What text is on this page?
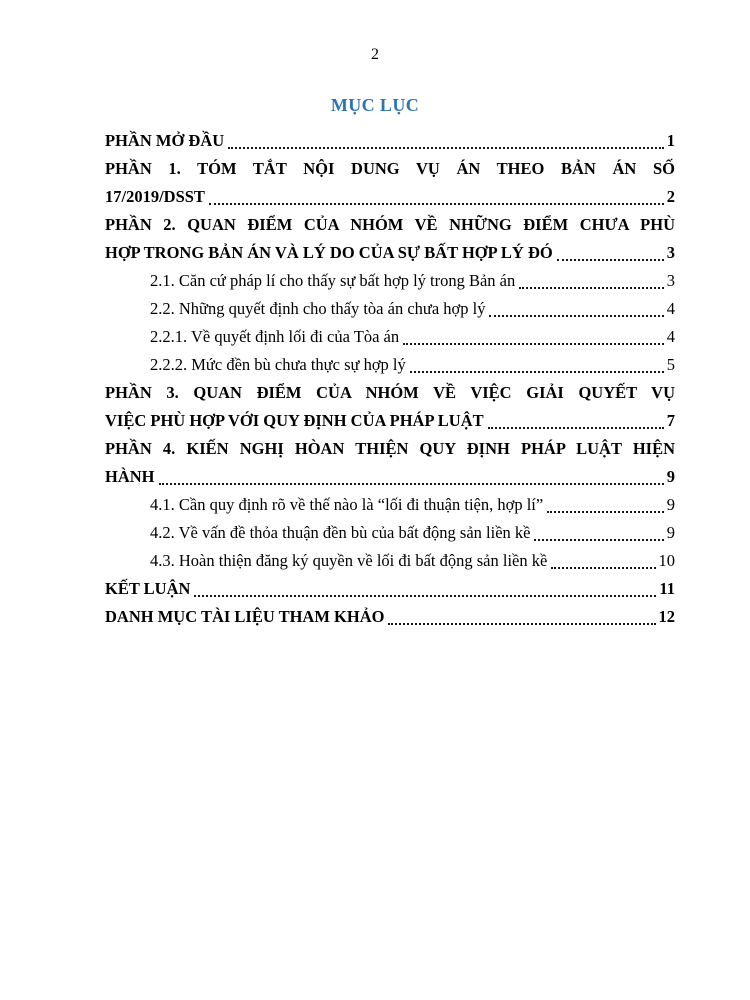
2
MỤC LỤC
PHẦN MỞ ĐẦU	1
PHẦN 1. TÓM TẮT NỘI DUNG VỤ ÁN THEO BẢN ÁN SỐ
17/2019/DSST	2
PHẦN 2. QUAN ĐIỂM CỦA NHÓM VỀ NHỮNG ĐIỂM CHƯA PHÙ
HỢP TRONG BẢN ÁN VÀ LÝ DO CỦA SỰ BẤT HỢP LÝ ĐÓ	3
2.1. Căn cứ pháp lí cho thấy sự bất hợp lý trong Bản án	3
2.2. Những quyết định cho thấy tòa án chưa hợp lý	4
2.2.1. Về quyết định lối đi của Tòa án	4
2.2.2. Mức đền bù chưa thực sự hợp lý	5
PHẦN 3. QUAN ĐIỂM CỦA NHÓM VỀ VIỆC GIẢI QUYẾT VỤ
VIỆC PHÙ HỢP VỚI QUY ĐỊNH CỦA PHÁP LUẬT	7
PHẦN 4. KIẾN NGHỊ HÒAN THIỆN QUY ĐỊNH PHÁP LUẬT HIỆN
HÀNH	9
4.1. Cần quy định rõ về thế nào là “lối đi thuận tiện, hợp lí”	9
4.2. Về vấn đề thỏa thuận đền bù của bất động sản liền kề	9
4.3. Hoàn thiện đăng ký quyền về lối đi bất động sản liền kề	10
KẾT LUẬN	11
DANH MỤC TÀI LIỆU THAM KHẢO	12
